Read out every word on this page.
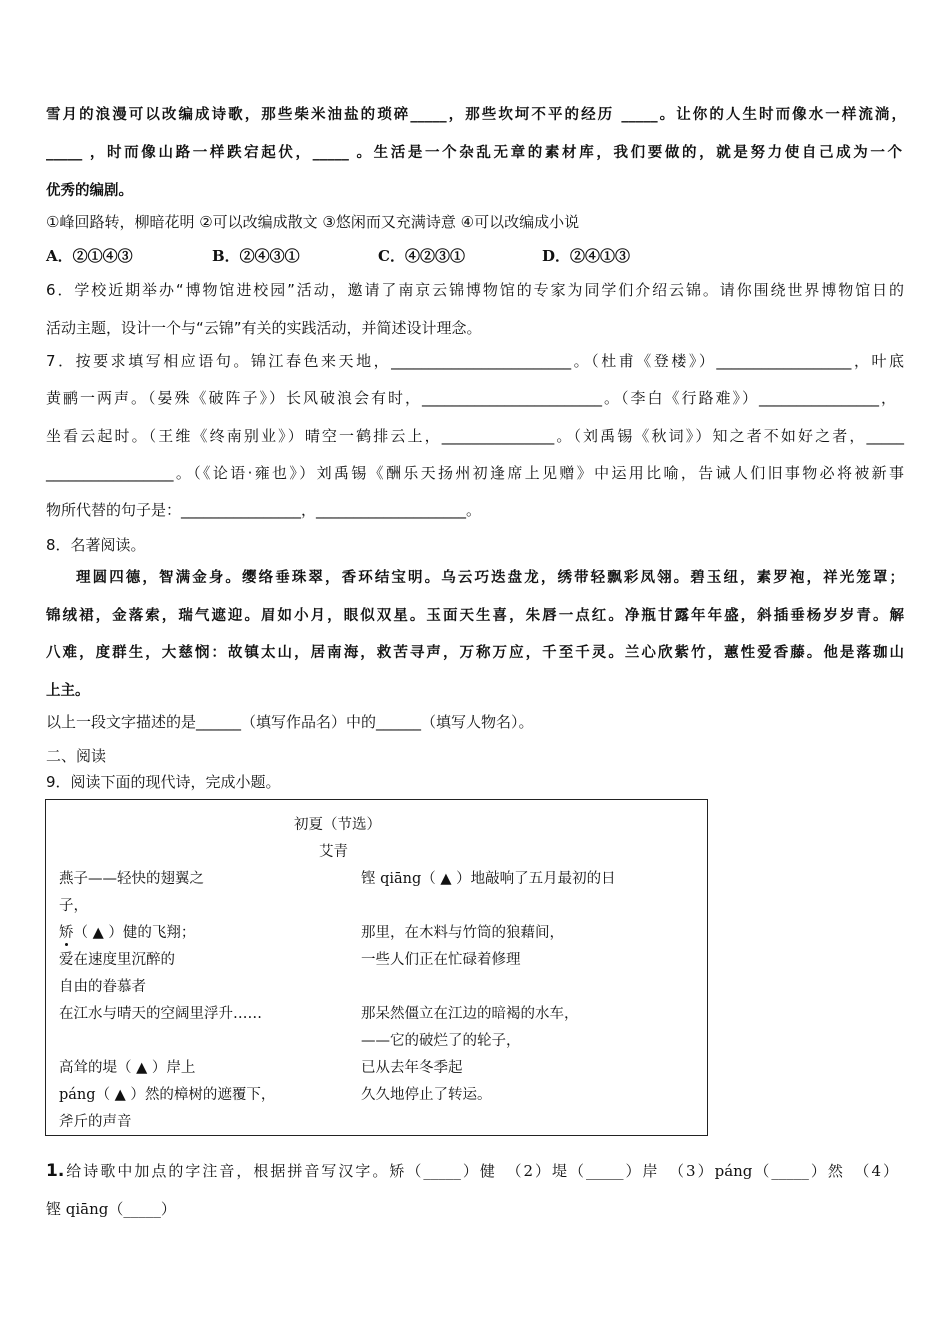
雪月的浪漫可以改编成诗歌，那些柴米油盐的琐碎_____，那些坎坷不平的经历 _____。让你的人生时而像水一样流淌，
_____ ，时而像山路一样跌宕起伏，_____ 。生活是一个杂乱无章的素材库，我们要做的，就是努力使自己成为一个
优秀的编剧。
①峰回路转，柳暗花明 ②可以改编成散文 ③悠闲而又充满诗意 ④可以改编成小说
A．②①④③	B．②④③①	C．④②③①	D．②④①③
6．学校近期举办“博物馆进校园”活动，邀请了南京云锦博物馆的专家为同学们介绍云锦。请你围绕世界博物馆日的
活动主题，设计一个与“云锦”有关的实践活动，并简述设计理念。
7．按要求填写相应语句。锦江春色来天地，________________________。（杜甫《登楼》）__________________，叶底
黄鹂一两声。（晏殊《破阵子》）长风破浪会有时，________________________。（李白《行路难》）________________，
坐看云起时。（王维《终南别业》）晴空一鹤排云上，_______________。（刘禹锡《秋词》）知之者不如好之者，_____
_________________。（《论语·雍也》）刘禹锡《酬乐天扬州初逢席上见赠》中运用比喻，告诫人们旧事物必将被新事
物所代替的句子是：________________，____________________。
8．名著阅读。
理圆四德，智满金身。缨络垂珠翠，香环结宝明。乌云巧迭盘龙，绣带轻飘彩凤翎。碧玉纽，素罗袍，祥光笼罩；
锦绒裙，金落索，瑞气遮迎。眉如小月，眼似双星。玉面天生喜，朱唇一点红。净瓶甘露年年盛，斜插垂杨岁岁青。解
八难，度群生，大慈悯：故镇太山，居南海，救苦寻声，万称万应，千至千灵。兰心欣紫竹，蕙性爱香藤。他是落珈山
上主。
以上一段文字描述的是______（填写作品名）中的______（填写人物名）。
二、阅读
9．阅读下面的现代诗，完成小题。
初夏（节选）
艾青
燕子——轻快的翅翼之
子，
矫（ ▲ ）健的飞翔；
爱在速度里沉醉的
自由的眷慕者
在江水与晴天的空阔里浮升……
高耸的堤（ ▲ ）岸上
páng（ ▲ ）然的樟树的遮覆下，
斧斤的声音
铿 qiāng（ ▲ ）地敲响了五月最初的日
那里，在木料与竹筒的狼藉间，
一些人们正在忙碌着修理
那呆然僵立在江边的暗褐的水车，
——它的破烂了的轮子，
已从去年冬季起
久久地停止了转运。
1.给诗歌中加点的字注音，根据拼音写汉字。矫（_____）健　（2）堤（_____）岸　（3）páng（_____）然　（4）
铿 qiāng（_____）
